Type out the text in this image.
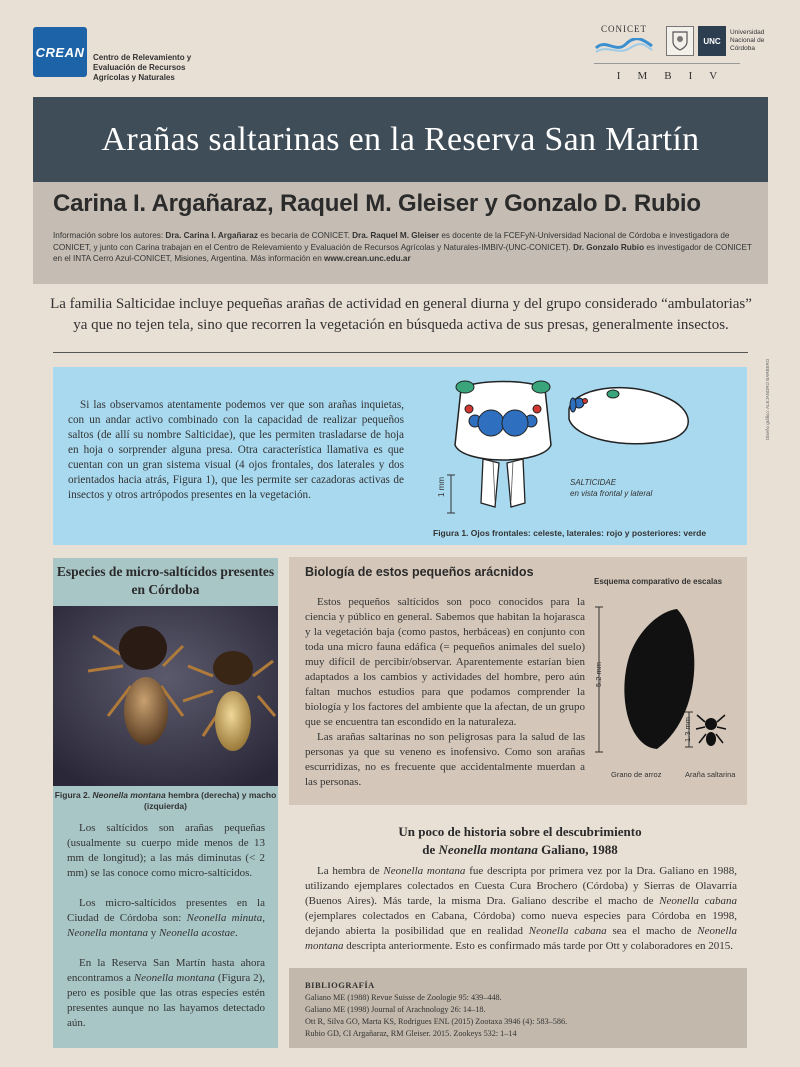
CREAN Centro de Relevamiento y Evaluación de Recursos Agrícolas y Naturales
CONICET
UNC
Universidad Nacional de Córdoba
IMBIV
Arañas saltarinas en la Reserva San Martín
Carina I. Argañaraz, Raquel M. Gleiser y Gonzalo D. Rubio
Información sobre los autores: Dra. Carina I. Argañaraz es becaria de CONICET. Dra. Raquel M. Gleiser es docente de la FCEFyN-Universidad Nacional de Córdoba e investigadora de CONICET, y junto con Carina trabajan en el Centro de Relevamiento y Evaluación de Recursos Agrícolas y Naturales-IMBIV-(UNC-CONICET). Dr. Gonzalo Rubio es investigador de CONICET en el INTA Cerro Azul-CONICET, Misiones, Argentina. Más información en www.crean.unc.edu.ar
La familia Salticidae incluye pequeñas arañas de actividad en general diurna y del grupo considerado “ambulatorias” ya que no tejen tela, sino que recorren la vegetación en búsqueda activa de sus presas, generalmente insectos.

Si las observamos atentamente podemos ver que son arañas inquietas, con un andar activo combinado con la capacidad de realizar pequeños saltos (de allí su nombre Salticidae), que les permiten trasladarse de hoja en hoja o sorprender alguna presa. Otra característica llamativa es que cuentan con un gran sistema visual (4 ojos frontales, dos laterales y dos orientados hacia atrás, Figura 1), que les permite ser cazadoras activas de insectos y otros artrópodos presentes en la vegetación.	1 mm	SALTICIDAE
en vista frontal y lateral
Figura 1. Ojos frontales: celeste, laterales: rojo y posteriores: verde
Diseño gráfico: ALEJANDRO BARBERO
Especies de micro-saltícidos presentes en Córdoba
Figura 2. Neonella montana hembra (derecha) y macho (izquierda)

Los saltícidos son arañas pequeñas (usualmente su cuerpo mide menos de 13 mm de longitud); a las más diminutas (< 2 mm) se las conoce como micro-saltícidos.

Los micro-saltícidos presentes en la Ciudad de Córdoba son: Neonella minuta, Neonella montana y Neonella acostae.

En la Reserva San Martín hasta ahora encontramos a Neonella montana (Figura 2), pero es posible que las otras especies estén presentes aunque no las hayamos detectado aún.

Biología de estos pequeños arácnidos

Estos pequeños saltícidos son poco conocidos para la ciencia y público en general. Sabemos que habitan la hojarasca y la vegetación baja (como pastos, herbáceas) en conjunto con toda una micro fauna edáfica (= pequeños animales del suelo) muy difícil de percibir/observar. Aparentemente estarían bien adaptados a los cambios y actividades del hombre, pero aún faltan muchos estudios para que podamos comprender la biología y los factores del ambiente que la afectan, de un grupo que se encuentra tan escondido en la naturaleza.

Las arañas saltarinas no son peligrosas para la salud de las personas ya que su veneno es inofensivo. Como son arañas escurridizas, no es frecuente que accidentalmente muerdan a las personas.

Esquema comparativo de escalas
5.2 mm
1.3 mm
Grano de arroz	Araña saltarina
Un poco de historia sobre el descubrimiento
de Neonella montana Galiano, 1988

La hembra de Neonella montana fue descripta por primera vez por la Dra. Galiano en 1988, utilizando ejemplares colectados en Cuesta Cura Brochero (Córdoba) y Sierras de Olavarría (Buenos Aires). Más tarde, la misma Dra. Galiano describe el macho de Neonella cabana (ejemplares colectados en Cabana, Córdoba) como nueva especies para Córdoba en 1998, dejando abierta la posibilidad que en realidad Neonella cabana sea el macho de Neonella montana descripta anteriormente. Esto es confirmado más tarde por Ott y colaboradores en 2015.

BIBLIOGRAFÍA
Galiano ME (1988) Revue Suisse de Zoologie 95: 439–448.
Galiano ME (1998) Journal of Arachnology 26: 14–18.
Ott R, Silva GO, Marta KS, Rodrigues ENL (2015) Zootaxa 3946 (4): 583–586.
Rubio GD, CI Argañaraz, RM Gleiser. 2015. Zookeys 532: 1–14
